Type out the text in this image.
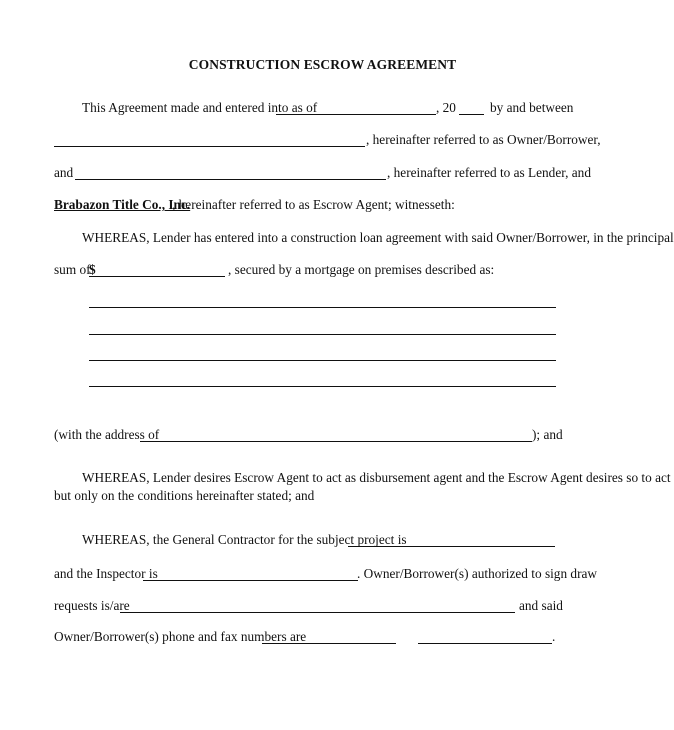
CONSTRUCTION ESCROW AGREEMENT
This Agreement made and entered into as of	, 20	by and between
, hereinafter referred to as Owner/Borrower,
and	, hereinafter referred to as Lender, and
Brabazon Title Co., Inc.
, hereinafter referred to as Escrow Agent; witnesseth:
WHEREAS, Lender has entered into a construction loan agreement with said Owner/Borrower, in the principal
sum of
$	, secured by a mortgage on premises described as:
(with the address of	); and
WHEREAS, Lender desires Escrow Agent to act as disbursement agent and the Escrow Agent desires so to act
but only on the conditions hereinafter stated; and
WHEREAS, the General Contractor for the subject project is
and the Inspector is	. Owner/Borrower(s) authorized to sign draw
requests is/are	and said
Owner/Borrower(s) phone and fax numbers are	.
